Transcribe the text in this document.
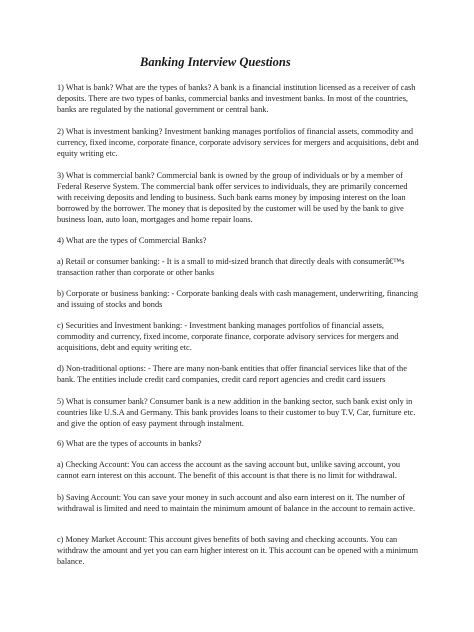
Banking Interview Questions

1) What is bank? What are the types of banks? A bank is a financial institution licensed as a receiver of cash deposits. There are two types of banks, commercial banks and investment banks. In most of the countries, banks are regulated by the national government or central bank.

2) What is investment banking? Investment banking manages portfolios of financial assets, commodity and currency, fixed income, corporate finance, corporate advisory services for mergers and acquisitions, debt and equity writing etc.

3) What is commercial bank? Commercial bank is owned by the group of individuals or by a member of Federal Reserve System. The commercial bank offer services to individuals, they are primarily concerned with receiving deposits and lending to business. Such bank earns money by imposing interest on the loan borrowed by the borrower. The money that is deposited by the customer will be used by the bank to give business loan, auto loan, mortgages and home repair loans.

4) What are the types of Commercial Banks?

a) Retail or consumer banking: - It is a small to mid-sized branch that directly deals with consumerâ€™s transaction rather than corporate or other banks

b) Corporate or business banking: - Corporate banking deals with cash management, underwriting, financing and issuing of stocks and bonds

c) Securities and Investment banking: - Investment banking manages portfolios of financial assets, commodity and currency, fixed income, corporate finance, corporate advisory services for mergers and acquisitions, debt and equity writing etc.

d) Non-traditional options: - There are many non-bank entities that offer financial services like that of the bank. The entities include credit card companies, credit card report agencies and credit card issuers

5) What is consumer bank? Consumer bank is a new addition in the banking sector, such bank exist only in countries like U.S.A and Germany. This bank provides loans to their customer to buy T.V, Car, furniture etc. and give the option of easy payment through instalment.

6) What are the types of accounts in banks?

a) Checking Account: You can access the account as the saving account but, unlike saving account, you cannot earn interest on this account. The benefit of this account is that there is no limit for withdrawal.

b) Saving Account: You can save your money in such account and also earn interest on it. The number of withdrawal is limited and need to maintain the minimum amount of balance in the account to remain active.

c) Money Market Account: This account gives benefits of both saving and checking accounts. You can withdraw the amount and yet you can earn higher interest on it. This account can be opened with a minimum balance.
